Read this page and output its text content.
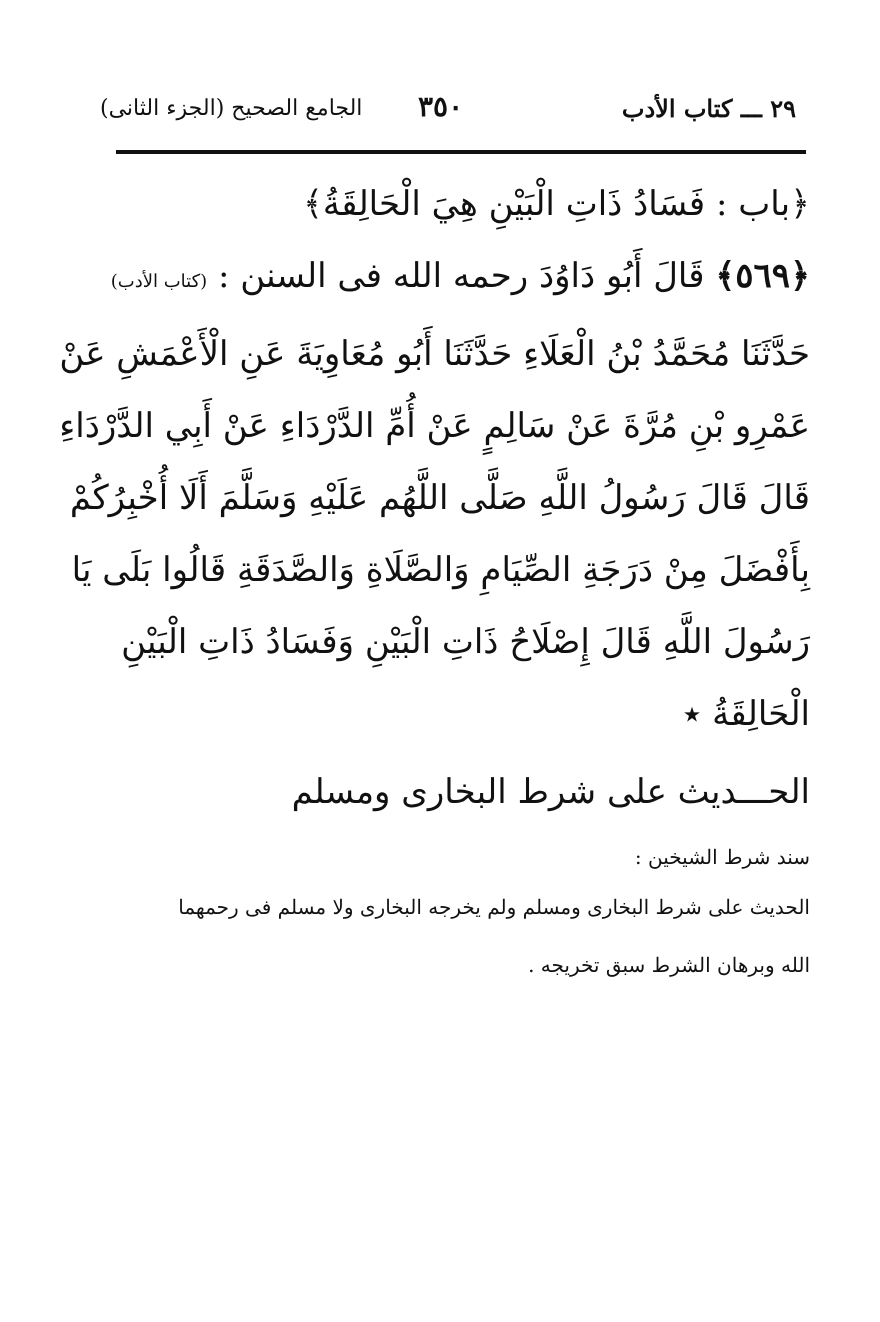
٢٩ ـــ كتاب الأدب
٣٥٠
الجامع الصحيح (الجزء الثانى)
﴿باب : فَسَادُ ذَاتِ الْبَيْنِ هِيَ الْحَالِقَةُ﴾
﴿٥٦٩﴾ قَالَ أَبُو دَاوُدَ رحمه الله فى السنن : (كتاب الأدب)
حَدَّثَنَا مُحَمَّدُ بْنُ الْعَلَاءِ حَدَّثَنَا أَبُو مُعَاوِيَةَ عَنِ الْأَعْمَشِ عَنْ
عَمْرِو بْنِ مُرَّةَ عَنْ سَالِمٍ عَنْ أُمِّ الدَّرْدَاءِ عَنْ أَبِي الدَّرْدَاءِ
قَالَ قَالَ رَسُولُ اللَّهِ صَلَّى اللَّهُم عَلَيْهِ وَسَلَّمَ أَلَا أُخْبِرُكُمْ
بِأَفْضَلَ مِنْ دَرَجَةِ الصِّيَامِ وَالصَّلَاةِ وَالصَّدَقَةِ قَالُوا بَلَى يَا
رَسُولَ اللَّهِ قَالَ إِصْلَاحُ ذَاتِ الْبَيْنِ وَفَسَادُ ذَاتِ الْبَيْنِ
الْحَالِقَةُ ٭
الحـــديث على شرط البخارى ومسلم
سند شرط الشيخين :
الحديث على شرط البخارى ومسلم ولم يخرجه البخارى ولا مسلم فى رحمهما
الله وبرهان الشرط سبق تخريجه .
